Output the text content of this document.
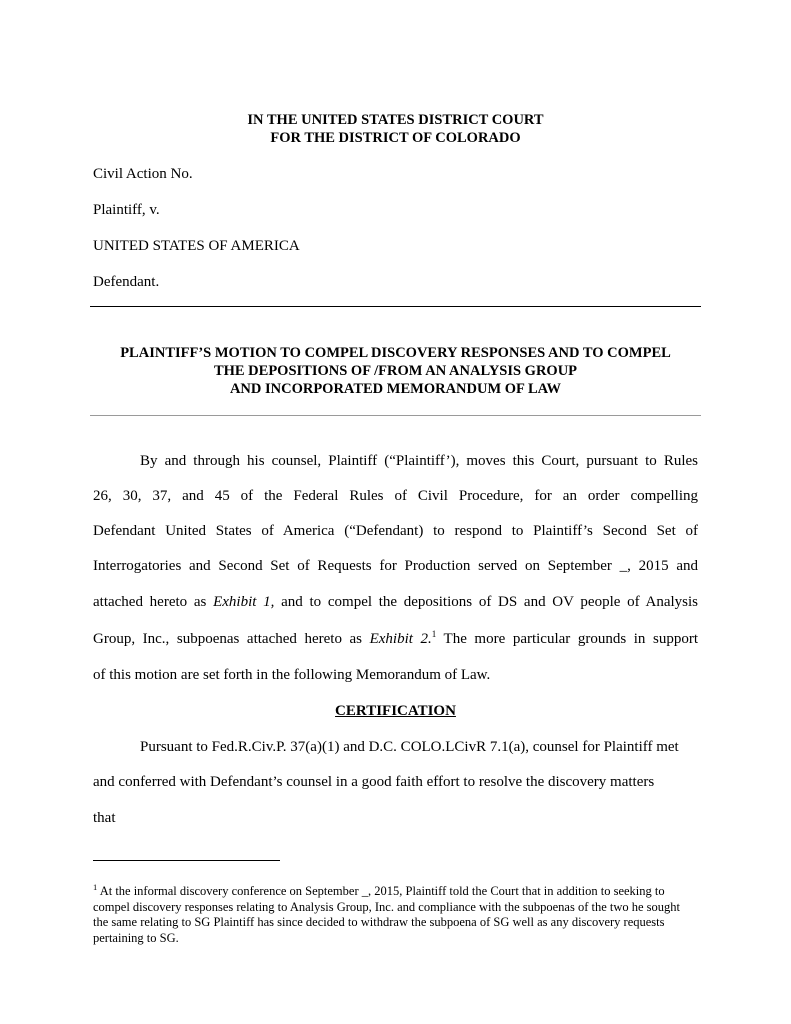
IN THE UNITED STATES DISTRICT COURT
FOR THE DISTRICT OF COLORADO
Civil Action No.
Plaintiff, v.
UNITED STATES OF AMERICA
Defendant.
PLAINTIFF’S MOTION TO COMPEL DISCOVERY RESPONSES AND TO COMPEL
THE DEPOSITIONS OF /FROM AN ANALYSIS GROUP
AND INCORPORATED MEMORANDUM OF LAW
By and through his counsel, Plaintiff (“Plaintiff’), moves this Court, pursuant to Rules
26, 30, 37, and 45 of the Federal Rules of Civil Procedure, for an order compelling
Defendant United States of America (“Defendant) to respond to Plaintiff’s Second Set of
Interrogatories and Second Set of Requests for Production served on September _, 2015 and
attached hereto as Exhibit 1, and to compel the depositions of DS and OV people of Analysis
Group, Inc., subpoenas attached hereto as Exhibit 2.$^1$ The more particular grounds in support
of this motion are set forth in the following Memorandum of Law.
CERTIFICATION
Pursuant to Fed.R.Civ.P. 37(a)(1) and D.C. COLO.LCivR 7.1(a), counsel for Plaintiff met
and conferred with Defendant’s counsel in a good faith effort to resolve the discovery matters
that
$^1$ At the informal discovery conference on September _, 2015, Plaintiff told the Court that in addition to seeking to compel discovery responses relating to Analysis Group, Inc. and compliance with the subpoenas of the two he sought the same relating to SG Plaintiff has since decided to withdraw the subpoena of SG well as any discovery requests pertaining to SG.
